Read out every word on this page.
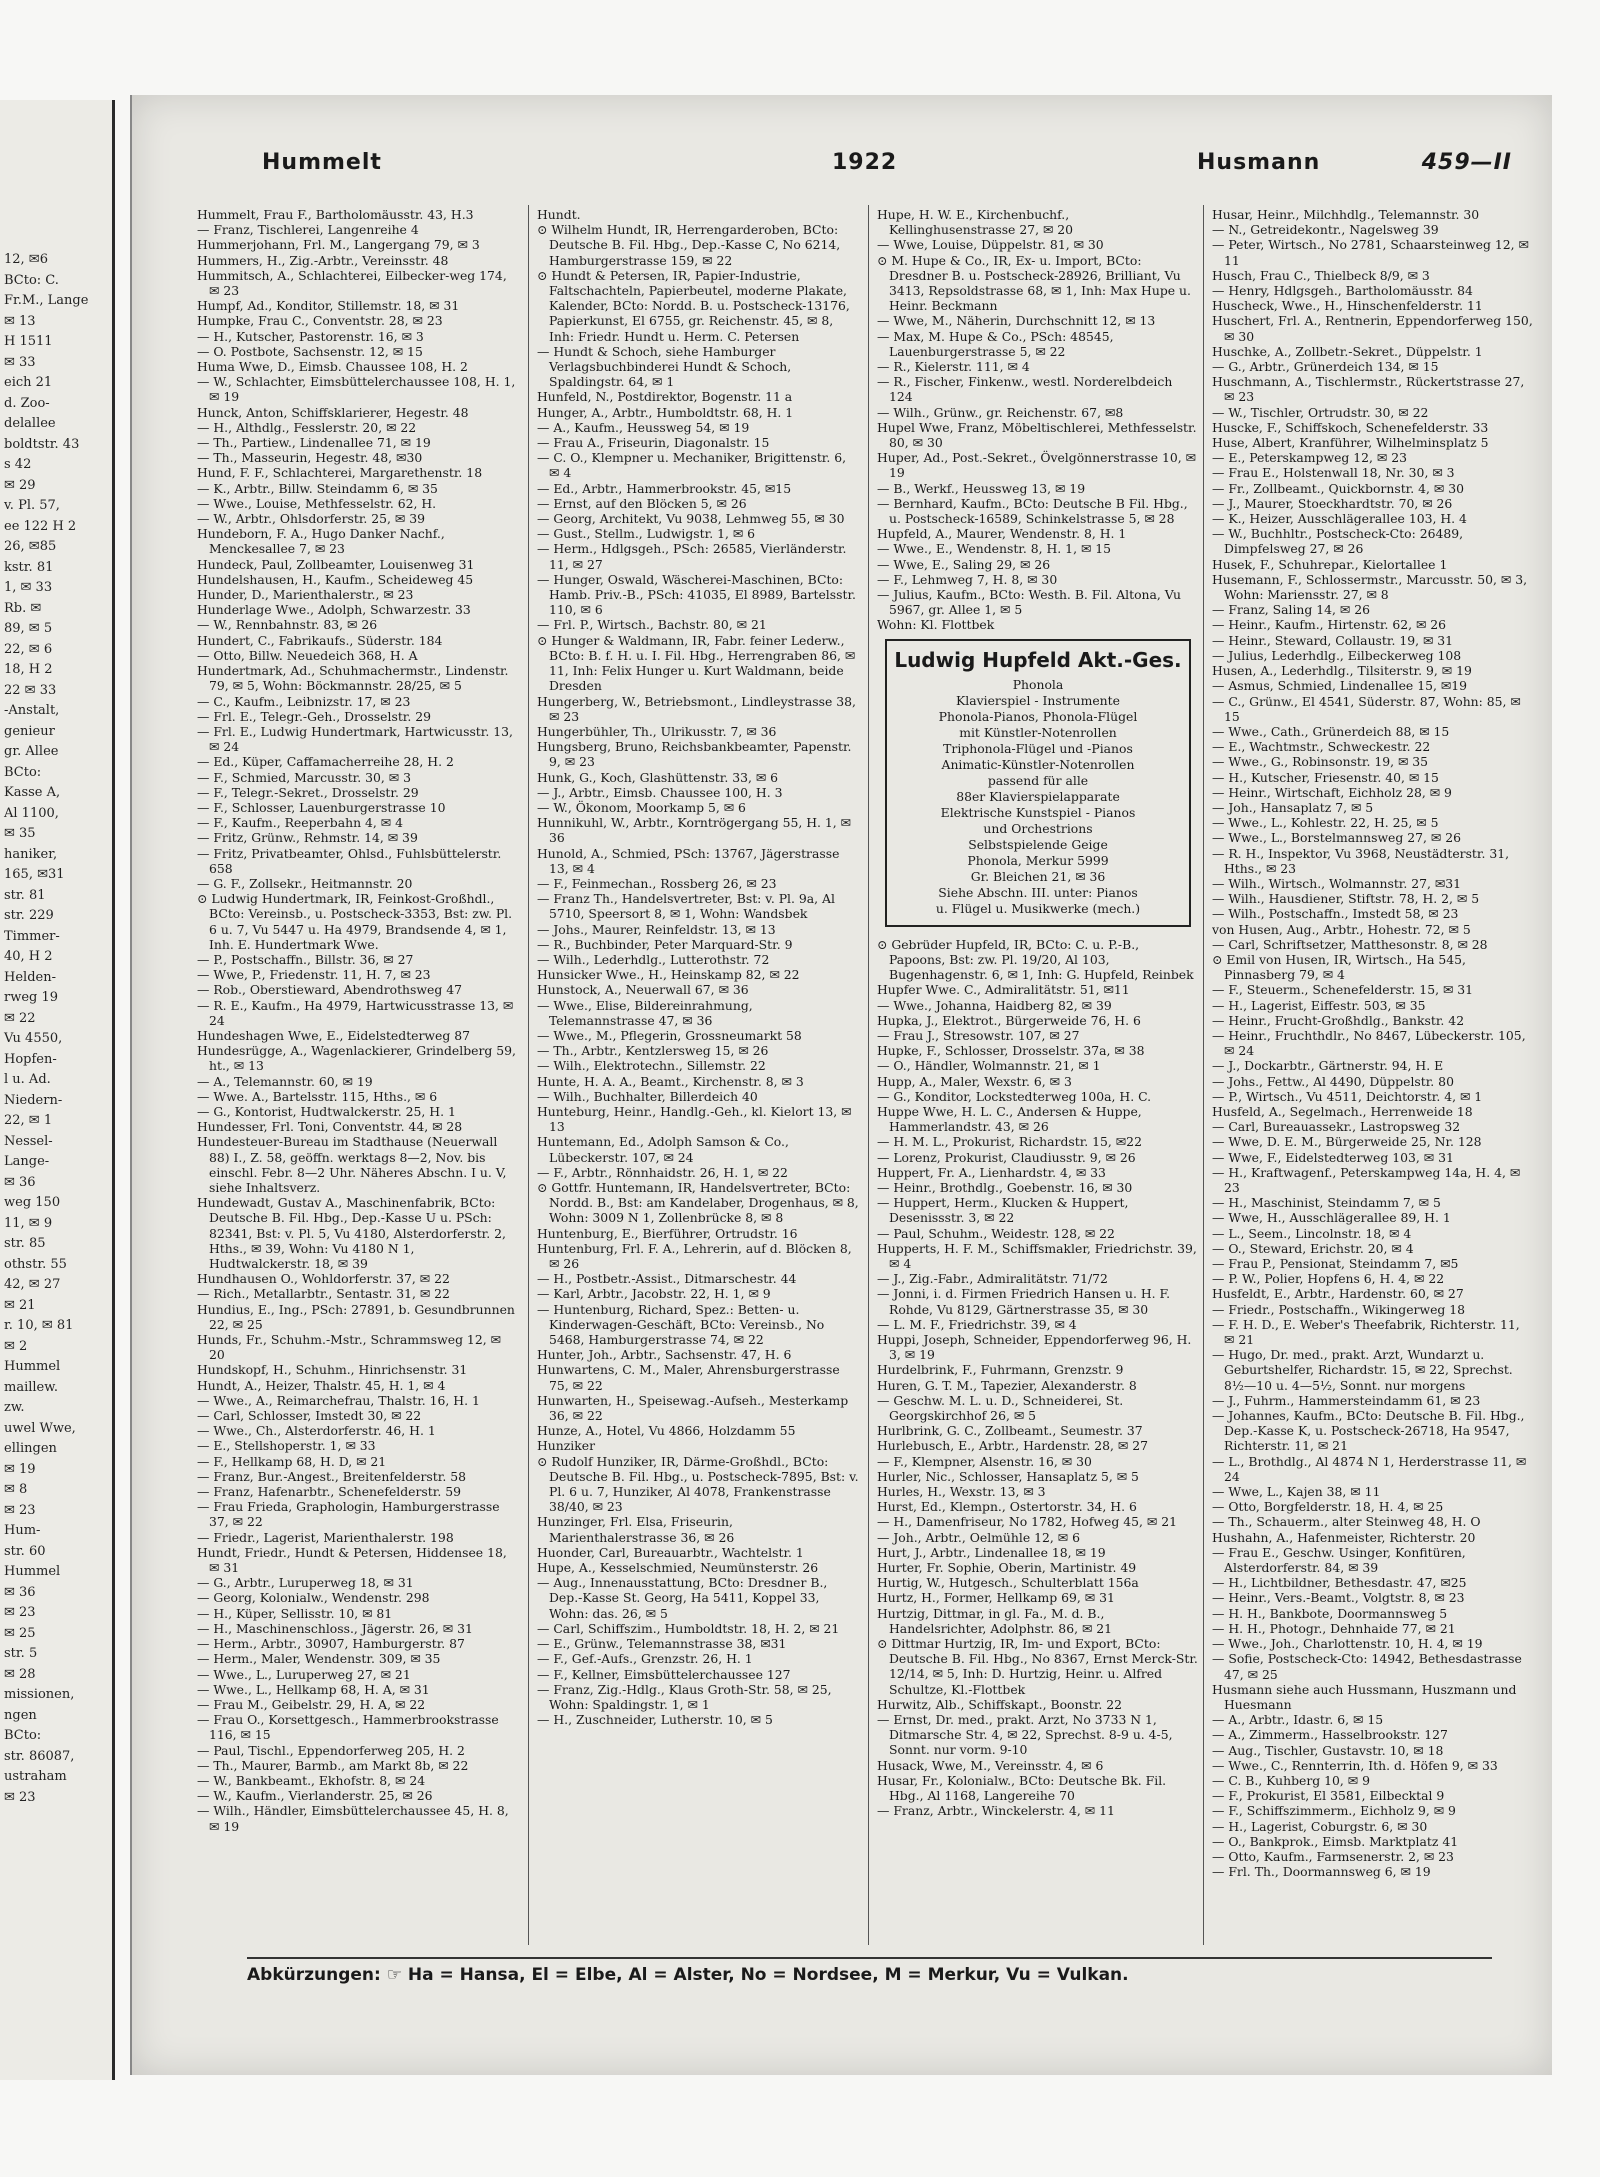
12, ✉6
BCto: C.
Fr.M., Lange
✉ 13
H 1511
✉ 33
eich 21
d. Zoo-
delallee
boldtstr. 43
s 42
✉ 29
v. Pl. 57,
ee 122 H 2
26, ✉85
kstr. 81
1, ✉ 33
Rb. ✉
89, ✉ 5
22, ✉ 6
18, H 2
22 ✉ 33
-Anstalt,
genieur
gr. Allee
BCto:
Kasse A,
Al 1100,
✉ 35
haniker,
165, ✉31
str. 81
str. 229
Timmer-
40, H 2
Helden-
rweg 19
✉ 22
Vu 4550,
Hopfen-
l u. Ad.
Niedern-
22, ✉ 1
Nessel-
Lange-
✉ 36
weg 150
11, ✉ 9
str. 85
othstr. 55
42, ✉ 27
✉ 21
r. 10, ✉ 81
✉ 2
Hummel
maillew.
zw.
uwel Wwe,
ellingen
✉ 19
✉ 8
✉ 23
Hum-
str. 60
Hummel
✉ 36
✉ 23
✉ 25
str. 5
✉ 28
missionen,
ngen
BCto:
str. 86087,
ustraham
✉ 23
Hummelt	1922	Husmann	459—II

Hummelt, Frau F., Bartholomäusstr. 43, H.3

— Franz, Tischlerei, Langenreihe 4

Hummerjohann, Frl. M., Langergang 79, ✉ 3

Hummers, H., Zig.-Arbtr., Vereinsstr. 48

Hummitsch, A., Schlachterei, Eilbecker-weg 174, ✉ 23

Humpf, Ad., Konditor, Stillemstr. 18, ✉ 31

Humpke, Frau C., Conventstr. 28, ✉ 23

— H., Kutscher, Pastorenstr. 16, ✉ 3

— O. Postbote, Sachsenstr. 12, ✉ 15

Huma Wwe, D., Eimsb. Chaussee 108, H. 2

— W., Schlachter, Eimsbüttelerchaussee 108, H. 1, ✉ 19

Hunck, Anton, Schiffsklarierer, Hegestr. 48

— H., Althdlg., Fesslerstr. 20, ✉ 22

— Th., Partiew., Lindenallee 71, ✉ 19

— Th., Masseurin, Hegestr. 48, ✉30

Hund, F. F., Schlachterei, Margarethenstr. 18

— K., Arbtr., Billw. Steindamm 6, ✉ 35

— Wwe., Louise, Methfesselstr. 62, H.

— W., Arbtr., Ohlsdorferstr. 25, ✉ 39

Hundeborn, F. A., Hugo Danker Nachf., Menckesallee 7, ✉ 23

Hundeck, Paul, Zollbeamter, Louisenweg 31

Hundelshausen, H., Kaufm., Scheideweg 45

Hunder, D., Marienthalerstr., ✉ 23

Hunderlage Wwe., Adolph, Schwarzestr. 33

— W., Rennbahnstr. 83, ✉ 26

Hundert, C., Fabrikaufs., Süderstr. 184

— Otto, Billw. Neuedeich 368, H. A

Hundertmark, Ad., Schuhmachermstr., Lindenstr. 79, ✉ 5, Wohn: Böckmannstr. 28/25, ✉ 5

— C., Kaufm., Leibnizstr. 17, ✉ 23

— Frl. E., Telegr.-Geh., Drosselstr. 29

— Frl. E., Ludwig Hundertmark, Hartwicusstr. 13, ✉ 24

— Ed., Küper, Caffamacherreihe 28, H. 2

— F., Schmied, Marcusstr. 30, ✉ 3

— F., Telegr.-Sekret., Drosselstr. 29

— F., Schlosser, Lauenburgerstrasse 10

— F., Kaufm., Reeperbahn 4, ✉ 4

— Fritz, Grünw., Rehmstr. 14, ✉ 39

— Fritz, Privatbeamter, Ohlsd., Fuhlsbüttelerstr. 658

— G. F., Zollsekr., Heitmannstr. 20

⊙ Ludwig Hundertmark, IR, Feinkost-Großhdl., BCto: Vereinsb., u. Postscheck-3353, Bst: zw. Pl. 6 u. 7, Vu 5447 u. Ha 4979, Brandsende 4, ✉ 1, Inh. E. Hundertmark Wwe.

— P., Postschaffn., Billstr. 36, ✉ 27

— Wwe, P., Friedenstr. 11, H. 7, ✉ 23

— Rob., Oberstieward, Abendrothsweg 47

— R. E., Kaufm., Ha 4979, Hartwicusstrasse 13, ✉ 24

Hundeshagen Wwe, E., Eidelstedterweg 87

Hundesrügge, A., Wagenlackierer, Grindelberg 59, ht., ✉ 13

— A., Telemannstr. 60, ✉ 19

— Wwe. A., Bartelsstr. 115, Hths., ✉ 6

— G., Kontorist, Hudtwalckerstr. 25, H. 1

Hundesser, Frl. Toni, Conventstr. 44, ✉ 28

Hundesteuer-Bureau im Stadthause (Neuerwall 88) I., Z. 58, geöffn. werktags 8—2, Nov. bis einschl. Febr. 8—2 Uhr. Näheres Abschn. I u. V, siehe Inhaltsverz.

Hundewadt, Gustav A., Maschinenfabrik, BCto: Deutsche B. Fil. Hbg., Dep.-Kasse U u. PSch: 82341, Bst: v. Pl. 5, Vu 4180, Alsterdorferstr. 2, Hths., ✉ 39, Wohn: Vu 4180 N 1, Hudtwalckerstr. 18, ✉ 39

Hundhausen O., Wohldorferstr. 37, ✉ 22

— Rich., Metallarbtr., Sentastr. 31, ✉ 22

Hundius, E., Ing., PSch: 27891, b. Gesundbrunnen 22, ✉ 25

Hunds, Fr., Schuhm.-Mstr., Schrammsweg 12, ✉ 20

Hundskopf, H., Schuhm., Hinrichsenstr. 31

Hundt, A., Heizer, Thalstr. 45, H. 1, ✉ 4

— Wwe., A., Reimarchefrau, Thalstr. 16, H. 1

— Carl, Schlosser, Imstedt 30, ✉ 22

— Wwe., Ch., Alsterdorferstr. 46, H. 1

— E., Stellshoperstr. 1, ✉ 33

— F., Hellkamp 68, H. D, ✉ 21

— Franz, Bur.-Angest., Breitenfelderstr. 58

— Franz, Hafenarbtr., Schenefelderstr. 59

— Frau Frieda, Graphologin, Hamburgerstrasse 37, ✉ 22

— Friedr., Lagerist, Marienthalerstr. 198

Hundt, Friedr., Hundt & Petersen, Hiddensee 18, ✉ 31

— G., Arbtr., Luruperweg 18, ✉ 31

— Georg, Kolonialw., Wendenstr. 298

— H., Küper, Sellisstr. 10, ✉ 81

— H., Maschinenschloss., Jägerstr. 26, ✉ 31

— Herm., Arbtr., 30907, Hamburgerstr. 87

— Herm., Maler, Wendenstr. 309, ✉ 35

— Wwe., L., Luruperweg 27, ✉ 21

— Wwe., L., Hellkamp 68, H. A, ✉ 31

— Frau M., Geibelstr. 29, H. A, ✉ 22

— Frau O., Korsettgesch., Hammerbrookstrasse 116, ✉ 15

— Paul, Tischl., Eppendorferweg 205, H. 2

— Th., Maurer, Barmb., am Markt 8b, ✉ 22

— W., Bankbeamt., Ekhofstr. 8, ✉ 24

— W., Kaufm., Vierlanderstr. 25, ✉ 26

— Wilh., Händler, Eimsbüttelerchaussee 45, H. 8, ✉ 19

Hundt.

⊙ Wilhelm Hundt, IR, Herrengarderoben, BCto: Deutsche B. Fil. Hbg., Dep.-Kasse C, No 6214, Hamburgerstrasse 159, ✉ 22

⊙ Hundt & Petersen, IR, Papier-Industrie, Faltschachteln, Papierbeutel, moderne Plakate, Kalender, BCto: Nordd. B. u. Postscheck-13176, Papierkunst, El 6755, gr. Reichenstr. 45, ✉ 8, Inh: Friedr. Hundt u. Herm. C. Petersen

— Hundt & Schoch, siehe Hamburger Verlagsbuchbinderei Hundt & Schoch, Spaldingstr. 64, ✉ 1

Hunfeld, N., Postdirektor, Bogenstr. 11 a

Hunger, A., Arbtr., Humboldtstr. 68, H. 1

— A., Kaufm., Heussweg 54, ✉ 19

— Frau A., Friseurin, Diagonalstr. 15

— C. O., Klempner u. Mechaniker, Brigittenstr. 6, ✉ 4

— Ed., Arbtr., Hammerbrookstr. 45, ✉15

— Ernst, auf den Blöcken 5, ✉ 26

— Georg, Architekt, Vu 9038, Lehmweg 55, ✉ 30

— Gust., Stellm., Ludwigstr. 1, ✉ 6

— Herm., Hdlgsgeh., PSch: 26585, Vierländerstr. 11, ✉ 27

— Hunger, Oswald, Wäscherei-Maschinen, BCto: Hamb. Priv.-B., PSch: 41035, El 8989, Bartelsstr. 110, ✉ 6

— Frl. P., Wirtsch., Bachstr. 80, ✉ 21

⊙ Hunger & Waldmann, IR, Fabr. feiner Lederw., BCto: B. f. H. u. I. Fil. Hbg., Herrengraben 86, ✉ 11, Inh: Felix Hunger u. Kurt Waldmann, beide Dresden

Hungerberg, W., Betriebsmont., Lindleystrasse 38, ✉ 23

Hungerbühler, Th., Ulrikusstr. 7, ✉ 36

Hungsberg, Bruno, Reichsbankbeamter, Papenstr. 9, ✉ 23

Hunk, G., Koch, Glashüttenstr. 33, ✉ 6

— J., Arbtr., Eimsb. Chaussee 100, H. 3

— W., Ökonom, Moorkamp 5, ✉ 6

Hunnikuhl, W., Arbtr., Korntrögergang 55, H. 1, ✉ 36

Hunold, A., Schmied, PSch: 13767, Jägerstrasse 13, ✉ 4

— F., Feinmechan., Rossberg 26, ✉ 23

— Franz Th., Handelsvertreter, Bst: v. Pl. 9a, Al 5710, Speersort 8, ✉ 1, Wohn: Wandsbek

— Johs., Maurer, Reinfeldstr. 13, ✉ 13

— R., Buchbinder, Peter Marquard-Str. 9

— Wilh., Lederhdlg., Lutterothstr. 72

Hunsicker Wwe., H., Heinskamp 82, ✉ 22

Hunstock, A., Neuerwall 67, ✉ 36

— Wwe., Elise, Bildereinrahmung, Telemannstrasse 47, ✉ 36

— Wwe., M., Pflegerin, Grossneumarkt 58

— Th., Arbtr., Kentzlersweg 15, ✉ 26

— Wilh., Elektrotechn., Sillemstr. 22

Hunte, H. A. A., Beamt., Kirchenstr. 8, ✉ 3

— Wilh., Buchhalter, Billerdeich 40

Hunteburg, Heinr., Handlg.-Geh., kl. Kielort 13, ✉ 13

Huntemann, Ed., Adolph Samson & Co., Lübeckerstr. 107, ✉ 24

— F., Arbtr., Rönnhaidstr. 26, H. 1, ✉ 22

⊙ Gottfr. Huntemann, IR, Handelsvertreter, BCto: Nordd. B., Bst: am Kandelaber, Drogenhaus, ✉ 8, Wohn: 3009 N 1, Zollenbrücke 8, ✉ 8

Huntenburg, E., Bierführer, Ortrudstr. 16

Huntenburg, Frl. F. A., Lehrerin, auf d. Blöcken 8, ✉ 26

— H., Postbetr.-Assist., Ditmarschestr. 44

— Karl, Arbtr., Jacobstr. 22, H. 1, ✉ 9

— Huntenburg, Richard, Spez.: Betten- u. Kinderwagen-Geschäft, BCto: Vereinsb., No 5468, Hamburgerstrasse 74, ✉ 22

Hunter, Joh., Arbtr., Sachsenstr. 47, H. 6

Hunwartens, C. M., Maler, Ahrensburgerstrasse 75, ✉ 22

Hunwarten, H., Speisewag.-Aufseh., Mesterkamp 36, ✉ 22

Hunze, A., Hotel, Vu 4866, Holzdamm 55

Hunziker

⊙ Rudolf Hunziker, IR, Därme-Großhdl., BCto: Deutsche B. Fil. Hbg., u. Postscheck-7895, Bst: v. Pl. 6 u. 7, Hunziker, Al 4078, Frankenstrasse 38/40, ✉ 23

Hunzinger, Frl. Elsa, Friseurin, Marienthalerstrasse 36, ✉ 26

Huonder, Carl, Bureauarbtr., Wachtelstr. 1

Hupe, A., Kesselschmied, Neumünsterstr. 26

— Aug., Innenausstattung, BCto: Dresdner B., Dep.-Kasse St. Georg, Ha 5411, Koppel 33, Wohn: das. 26, ✉ 5

— Carl, Schiffszim., Humboldtstr. 18, H. 2, ✉ 21

— E., Grünw., Telemannstrasse 38, ✉31

— F., Gef.-Aufs., Grenzstr. 26, H. 1

— F., Kellner, Eimsbüttelerchaussee 127

— Franz, Zig.-Hdlg., Klaus Groth-Str. 58, ✉ 25, Wohn: Spaldingstr. 1, ✉ 1

— H., Zuschneider, Lutherstr. 10, ✉ 5

Hupe, H. W. E., Kirchenbuchf., Kellinghusenstrasse 27, ✉ 20

— Wwe, Louise, Düppelstr. 81, ✉ 30

⊙ M. Hupe & Co., IR, Ex- u. Import, BCto: Dresdner B. u. Postscheck-28926, Brilliant, Vu 3413, Repsoldstrasse 68, ✉ 1, Inh: Max Hupe u. Heinr. Beckmann

— Wwe, M., Näherin, Durchschnitt 12, ✉ 13

— Max, M. Hupe & Co., PSch: 48545, Lauenburgerstrasse 5, ✉ 22

— R., Kielerstr. 111, ✉ 4

— R., Fischer, Finkenw., westl. Norderelbdeich 124

— Wilh., Grünw., gr. Reichenstr. 67, ✉8

Hupel Wwe, Franz, Möbeltischlerei, Methfesselstr. 80, ✉ 30

Huper, Ad., Post.-Sekret., Övelgönnerstrasse 10, ✉ 19

— B., Werkf., Heussweg 13, ✉ 19

— Bernhard, Kaufm., BCto: Deutsche B Fil. Hbg., u. Postscheck-16589, Schinkelstrasse 5, ✉ 28

Hupfeld, A., Maurer, Wendenstr. 8, H. 1

— Wwe., E., Wendenstr. 8, H. 1, ✉ 15

— Wwe, E., Saling 29, ✉ 26

— F., Lehmweg 7, H. 8, ✉ 30

— Julius, Kaufm., BCto: Westh. B. Fil. Altona, Vu 5967, gr. Allee 1, ✉ 5

Wohn: Kl. Flottbek

Ludwig Hupfeld Akt.-Ges.
Phonola
Klavierspiel - Instrumente
Phonola-Pianos, Phonola-Flügel
mit Künstler-Notenrollen
Triphonola-Flügel und -Pianos
Animatic-Künstler-Notenrollen
passend für alle
88er Klavierspielapparate
Elektrische Kunstspiel - Pianos
und Orchestrions
Selbstspielende Geige
Phonola, Merkur 5999
Gr. Bleichen 21, ✉ 36
Siehe Abschn. III. unter: Pianos
u. Flügel u. Musikwerke (mech.)

⊙ Gebrüder Hupfeld, IR, BCto: C. u. P.-B., Papoons, Bst: zw. Pl. 19/20, Al 103, Bugenhagenstr. 6, ✉ 1, Inh: G. Hupfeld, Reinbek

Hupfer Wwe. C., Admiralitätstr. 51, ✉11

— Wwe., Johanna, Haidberg 82, ✉ 39

Hupka, J., Elektrot., Bürgerweide 76, H. 6

— Frau J., Stresowstr. 107, ✉ 27

Hupke, F., Schlosser, Drosselstr. 37a, ✉ 38

— O., Händler, Wolmannstr. 21, ✉ 1

Hupp, A., Maler, Wexstr. 6, ✉ 3

— G., Konditor, Lockstedterweg 100a, H. C.

Huppe Wwe, H. L. C., Andersen & Huppe, Hammerlandstr. 43, ✉ 26

— H. M. L., Prokurist, Richardstr. 15, ✉22

— Lorenz, Prokurist, Claudiusstr. 9, ✉ 26

Huppert, Fr. A., Lienhardstr. 4, ✉ 33

— Heinr., Brothdlg., Goebenstr. 16, ✉ 30

— Huppert, Herm., Klucken & Huppert, Desenissstr. 3, ✉ 22

— Paul, Schuhm., Weidestr. 128, ✉ 22

Hupperts, H. F. M., Schiffsmakler, Friedrichstr. 39, ✉ 4

— J., Zig.-Fabr., Admiralitätstr. 71/72

— Jonni, i. d. Firmen Friedrich Hansen u. H. F. Rohde, Vu 8129, Gärtnerstrasse 35, ✉ 30

— L. M. F., Friedrichstr. 39, ✉ 4

Huppi, Joseph, Schneider, Eppendorferweg 96, H. 3, ✉ 19

Hurdelbrink, F., Fuhrmann, Grenzstr. 9

Huren, G. T. M., Tapezier, Alexanderstr. 8

— Geschw. M. L. u. D., Schneiderei, St. Georgskirchhof 26, ✉ 5

Hurlbrink, G. C., Zollbeamt., Seumestr. 37

Hurlebusch, E., Arbtr., Hardenstr. 28, ✉ 27

— F., Klempner, Alsenstr. 16, ✉ 30

Hurler, Nic., Schlosser, Hansaplatz 5, ✉ 5

Hurles, H., Wexstr. 13, ✉ 3

Hurst, Ed., Klempn., Ostertorstr. 34, H. 6

— H., Damenfriseur, No 1782, Hofweg 45, ✉ 21

— Joh., Arbtr., Oelmühle 12, ✉ 6

Hurt, J., Arbtr., Lindenallee 18, ✉ 19

Hurter, Fr. Sophie, Oberin, Martinistr. 49

Hurtig, W., Hutgesch., Schulterblatt 156a

Hurtz, H., Former, Hellkamp 69, ✉ 31

Hurtzig, Dittmar, in gl. Fa., M. d. B., Handelsrichter, Adolphstr. 86, ✉ 21

⊙ Dittmar Hurtzig, IR, Im- und Export, BCto: Deutsche B. Fil. Hbg., No 8367, Ernst Merck-Str. 12/14, ✉ 5, Inh: D. Hurtzig, Heinr. u. Alfred Schultze, Kl.-Flottbek

Hurwitz, Alb., Schiffskapt., Boonstr. 22

— Ernst, Dr. med., prakt. Arzt, No 3733 N 1, Ditmarsche Str. 4, ✉ 22, Sprechst. 8-9 u. 4-5, Sonnt. nur vorm. 9-10

Husack, Wwe, M., Vereinsstr. 4, ✉ 6

Husar, Fr., Kolonialw., BCto: Deutsche Bk. Fil. Hbg., Al 1168, Langereihe 70

— Franz, Arbtr., Winckelerstr. 4, ✉ 11

Husar, Heinr., Milchhdlg., Telemannstr. 30

— N., Getreidekontr., Nagelsweg 39

— Peter, Wirtsch., No 2781, Schaarsteinweg 12, ✉ 11

Husch, Frau C., Thielbeck 8/9, ✉ 3

— Henry, Hdlgsgeh., Bartholomäusstr. 84

Huscheck, Wwe., H., Hinschenfelderstr. 11

Huschert, Frl. A., Rentnerin, Eppendorferweg 150, ✉ 30

Huschke, A., Zollbetr.-Sekret., Düppelstr. 1

— G., Arbtr., Grünerdeich 134, ✉ 15

Huschmann, A., Tischlermstr., Rückertstrasse 27, ✉ 23

— W., Tischler, Ortrudstr. 30, ✉ 22

Huscke, F., Schiffskoch, Schenefelderstr. 33

Huse, Albert, Kranführer, Wilhelminsplatz 5

— E., Peterskampweg 12, ✉ 23

— Frau E., Holstenwall 18, Nr. 30, ✉ 3

— Fr., Zollbeamt., Quickbornstr. 4, ✉ 30

— J., Maurer, Stoeckhardtstr. 70, ✉ 26

— K., Heizer, Ausschlägerallee 103, H. 4

— W., Buchhltr., Postscheck-Cto: 26489, Dimpfelsweg 27, ✉ 26

Husek, F., Schuhrepar., Kielortallee 1

Husemann, F., Schlossermstr., Marcusstr. 50, ✉ 3, Wohn: Mariensstr. 27, ✉ 8

— Franz, Saling 14, ✉ 26

— Heinr., Kaufm., Hirtenstr. 62, ✉ 26

— Heinr., Steward, Collaustr. 19, ✉ 31

— Julius, Lederhdlg., Eilbeckerweg 108

Husen, A., Lederhdlg., Tilsiterstr. 9, ✉ 19

— Asmus, Schmied, Lindenallee 15, ✉19

— C., Grünw., El 4541, Süderstr. 87, Wohn: 85, ✉ 15

— Wwe., Cath., Grünerdeich 88, ✉ 15

— E., Wachtmstr., Schweckestr. 22

— Wwe., G., Robinsonstr. 19, ✉ 35

— H., Kutscher, Friesenstr. 40, ✉ 15

— Heinr., Wirtschaft, Eichholz 28, ✉ 9

— Joh., Hansaplatz 7, ✉ 5

— Wwe., L., Kohlestr. 22, H. 25, ✉ 5

— Wwe., L., Borstelmannsweg 27, ✉ 26

— R. H., Inspektor, Vu 3968, Neustädterstr. 31, Hths., ✉ 23

— Wilh., Wirtsch., Wolmannstr. 27, ✉31

— Wilh., Hausdiener, Stiftstr. 78, H. 2, ✉ 5

— Wilh., Postschaffn., Imstedt 58, ✉ 23

von Husen, Aug., Arbtr., Hohestr. 72, ✉ 5

— Carl, Schriftsetzer, Matthesonstr. 8, ✉ 28

⊙ Emil von Husen, IR, Wirtsch., Ha 545, Pinnasberg 79, ✉ 4

— F., Steuerm., Schenefelderstr. 15, ✉ 31

— H., Lagerist, Eiffestr. 503, ✉ 35

— Heinr., Frucht-Großhdlg., Bankstr. 42

— Heinr., Fruchthdlr., No 8467, Lübeckerstr. 105, ✉ 24

— J., Dockarbtr., Gärtnerstr. 94, H. E

— Johs., Fettw., Al 4490, Düppelstr. 80

— P., Wirtsch., Vu 4511, Deichtorstr. 4, ✉ 1

Husfeld, A., Segelmach., Herrenweide 18

— Carl, Bureauassekr., Lastropsweg 32

— Wwe, D. E. M., Bürgerweide 25, Nr. 128

— Wwe, F., Eidelstedterweg 103, ✉ 31

— H., Kraftwagenf., Peterskampweg 14a, H. 4, ✉ 23

— H., Maschinist, Steindamm 7, ✉ 5

— Wwe, H., Ausschlägerallee 89, H. 1

— L., Seem., Lincolnstr. 18, ✉ 4

— O., Steward, Erichstr. 20, ✉ 4

— Frau P., Pensionat, Steindamm 7, ✉5

— P. W., Polier, Hopfens 6, H. 4, ✉ 22

Husfeldt, E., Arbtr., Hardenstr. 60, ✉ 27

— Friedr., Postschaffn., Wikingerweg 18

— F. H. D., E. Weber's Theefabrik, Richterstr. 11, ✉ 21

— Hugo, Dr. med., prakt. Arzt, Wundarzt u. Geburtshelfer, Richardstr. 15, ✉ 22, Sprechst. 8½—10 u. 4—5½, Sonnt. nur morgens

— J., Fuhrm., Hammersteindamm 61, ✉ 23

— Johannes, Kaufm., BCto: Deutsche B. Fil. Hbg., Dep.-Kasse K, u. Postscheck-26718, Ha 9547, Richterstr. 11, ✉ 21

— L., Brothdlg., Al 4874 N 1, Herderstrasse 11, ✉ 24

— Wwe, L., Kajen 38, ✉ 11

— Otto, Borgfelderstr. 18, H. 4, ✉ 25

— Th., Schauerm., alter Steinweg 48, H. O

Hushahn, A., Hafenmeister, Richterstr. 20

— Frau E., Geschw. Usinger, Konfitüren, Alsterdorferstr. 84, ✉ 39

— H., Lichtbildner, Bethesdastr. 47, ✉25

— Heinr., Vers.-Beamt., Volgtstr. 8, ✉ 23

— H. H., Bankbote, Doormannsweg 5

— H. H., Photogr., Dehnhaide 77, ✉ 21

— Wwe., Joh., Charlottenstr. 10, H. 4, ✉ 19

— Sofie, Postscheck-Cto: 14942, Bethesdastrasse 47, ✉ 25

Husmann siehe auch Hussmann, Huszmann und Huesmann

— A., Arbtr., Idastr. 6, ✉ 15

— A., Zimmerm., Hasselbrookstr. 127

— Aug., Tischler, Gustavstr. 10, ✉ 18

— Wwe., C., Rennterrin, Ith. d. Höfen 9, ✉ 33

— C. B., Kuhberg 10, ✉ 9

— F., Prokurist, El 3581, Eilbecktal 9

— F., Schiffszimmerm., Eichholz 9, ✉ 9

— H., Lagerist, Coburgstr. 6, ✉ 30

— O., Bankprok., Eimsb. Marktplatz 41

— Otto, Kaufm., Farmsenerstr. 2, ✉ 23

— Frl. Th., Doormannsweg 6, ✉ 19

Abkürzungen: ☞ Ha = Hansa, El = Elbe, Al = Alster, No = Nordsee, M = Merkur, Vu = Vulkan.
